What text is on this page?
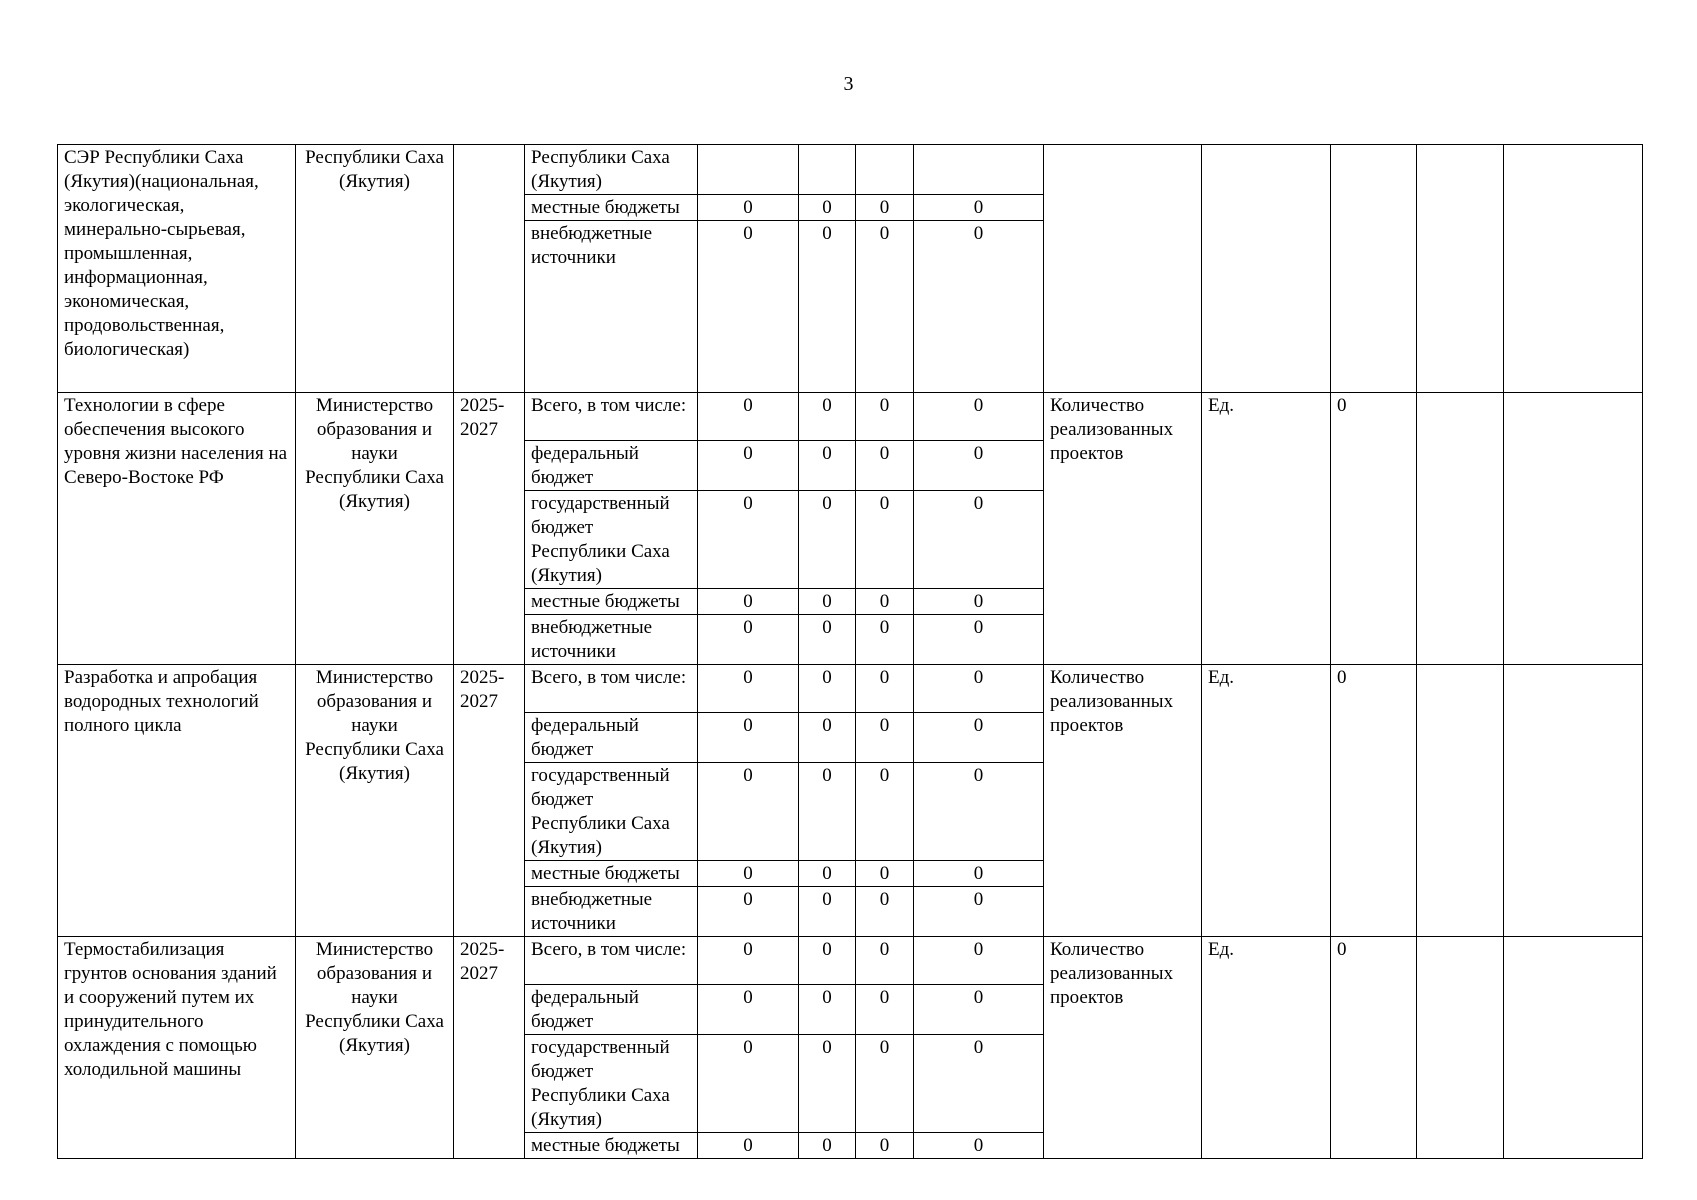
3
СЭР Республики Саха (Якутия)(национальная, экологическая, минерально-сырьевая, промышленная, информационная, экономическая, продовольственная, биологическая)	Республики Саха (Якутия)		Республики Саха (Якутия)									
			местные бюджеты	0	0	0	0					
			внебюджетные источники	0	0	0	0					
Технологии в сфере обеспечения высокого уровня жизни населения на Северо-Востоке РФ	Министерство образования и науки Республики Саха (Якутия)	2025-2027	Всего, в том числе:	0	0	0	0	Количество реализованных проектов	Ед.	0		
			федеральный бюджет	0	0	0	0					
			государственный бюджет Республики Саха (Якутия)	0	0	0	0					
			местные бюджеты	0	0	0	0					
			внебюджетные источники	0	0	0	0					
Разработка и апробация водородных технологий полного цикла	Министерство образования и науки Республики Саха (Якутия)	2025-2027	Всего, в том числе:	0	0	0	0	Количество реализованных проектов	Ед.	0		
			федеральный бюджет	0	0	0	0					
			государственный бюджет Республики Саха (Якутия)	0	0	0	0					
			местные бюджеты	0	0	0	0					
			внебюджетные источники	0	0	0	0					
Термостабилизация грунтов основания зданий и сооружений путем их принудительного охлаждения с помощью холодильной машины	Министерство образования и науки Республики Саха (Якутия)	2025-2027	Всего, в том числе:	0	0	0	0	Количество реализованных проектов	Ед.	0		
			федеральный бюджет	0	0	0	0					
			государственный бюджет Республики Саха (Якутия)	0	0	0	0					
			местные бюджеты	0	0	0	0					
